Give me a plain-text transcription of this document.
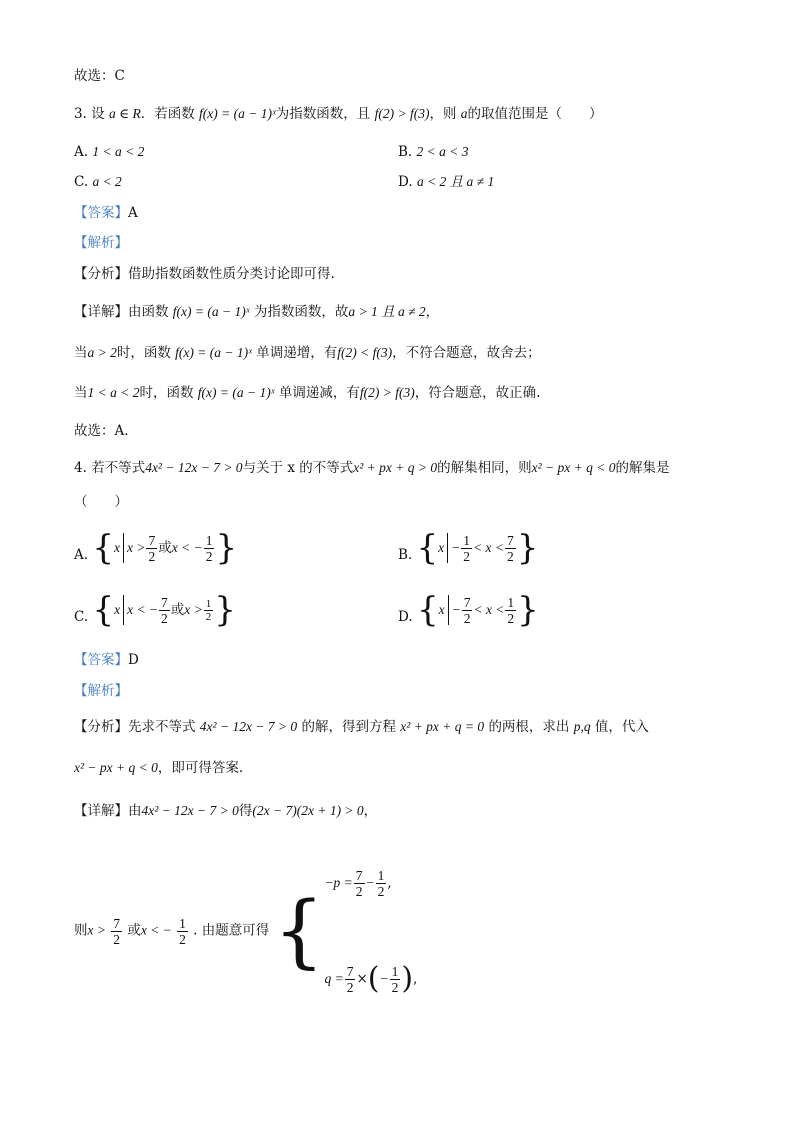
故选：C
3. 设 a ∈ R．若函数 f(x) = (a − 1)ˣ为指数函数，且 f(2) > f(3)，则 a的取值范围是（　　）
A. 1 < a < 2	B. 2 < a < 3
C. a < 2	D. a < 2 且 a ≠ 1
【答案】A
【解析】
【分析】借助指数函数性质分类讨论即可得.
【详解】由函数 f(x) = (a − 1)ˣ 为指数函数，故a > 1 且 a ≠ 2，
当a > 2时，函数 f(x) = (a − 1)ˣ 单调递增，有f(2) < f(3)，不符合题意，故舍去；
当1 < a < 2时，函数 f(x) = (a − 1)ˣ 单调递减，有f(2) > f(3)，符合题意，故正确.
故选：A.
4. 若不等式4x² − 12x − 7 > 0与关于 x 的不等式x² + px + q > 0的解集相同，则x² − px + q < 0的解集是
（　　）
A. { x $x > \frac{7}{2}$ 或 x < − $\frac{1}{2}$ }	B. { $x - \frac{1}{2} < x < \frac{7}{2}$ }
C. { x x < − $\frac{7}{2}$ 或 $x > \frac{1}{2}$ }	D. { $x - \frac{7}{2} < x < \frac{1}{2}$ }
【答案】D
【解析】
【分析】先求不等式 4x² − 12x − 7 > 0 的解，得到方程 x² + px + q = 0 的两根，求出 p,q 值，代入
x² − px + q < 0，即可得答案.
【详解】由4x² − 12x − 7 > 0得(2x − 7)(2x + 1) > 0，
则$x > \frac{7}{2}$ 或x < − $\frac{1}{2}$ . 由题意可得 {
$-p = \frac{7}{2} - \frac{1}{2}$ ,
$q = \frac{7}{2}$ × ( − $\frac{1}{2}$ ) ,
